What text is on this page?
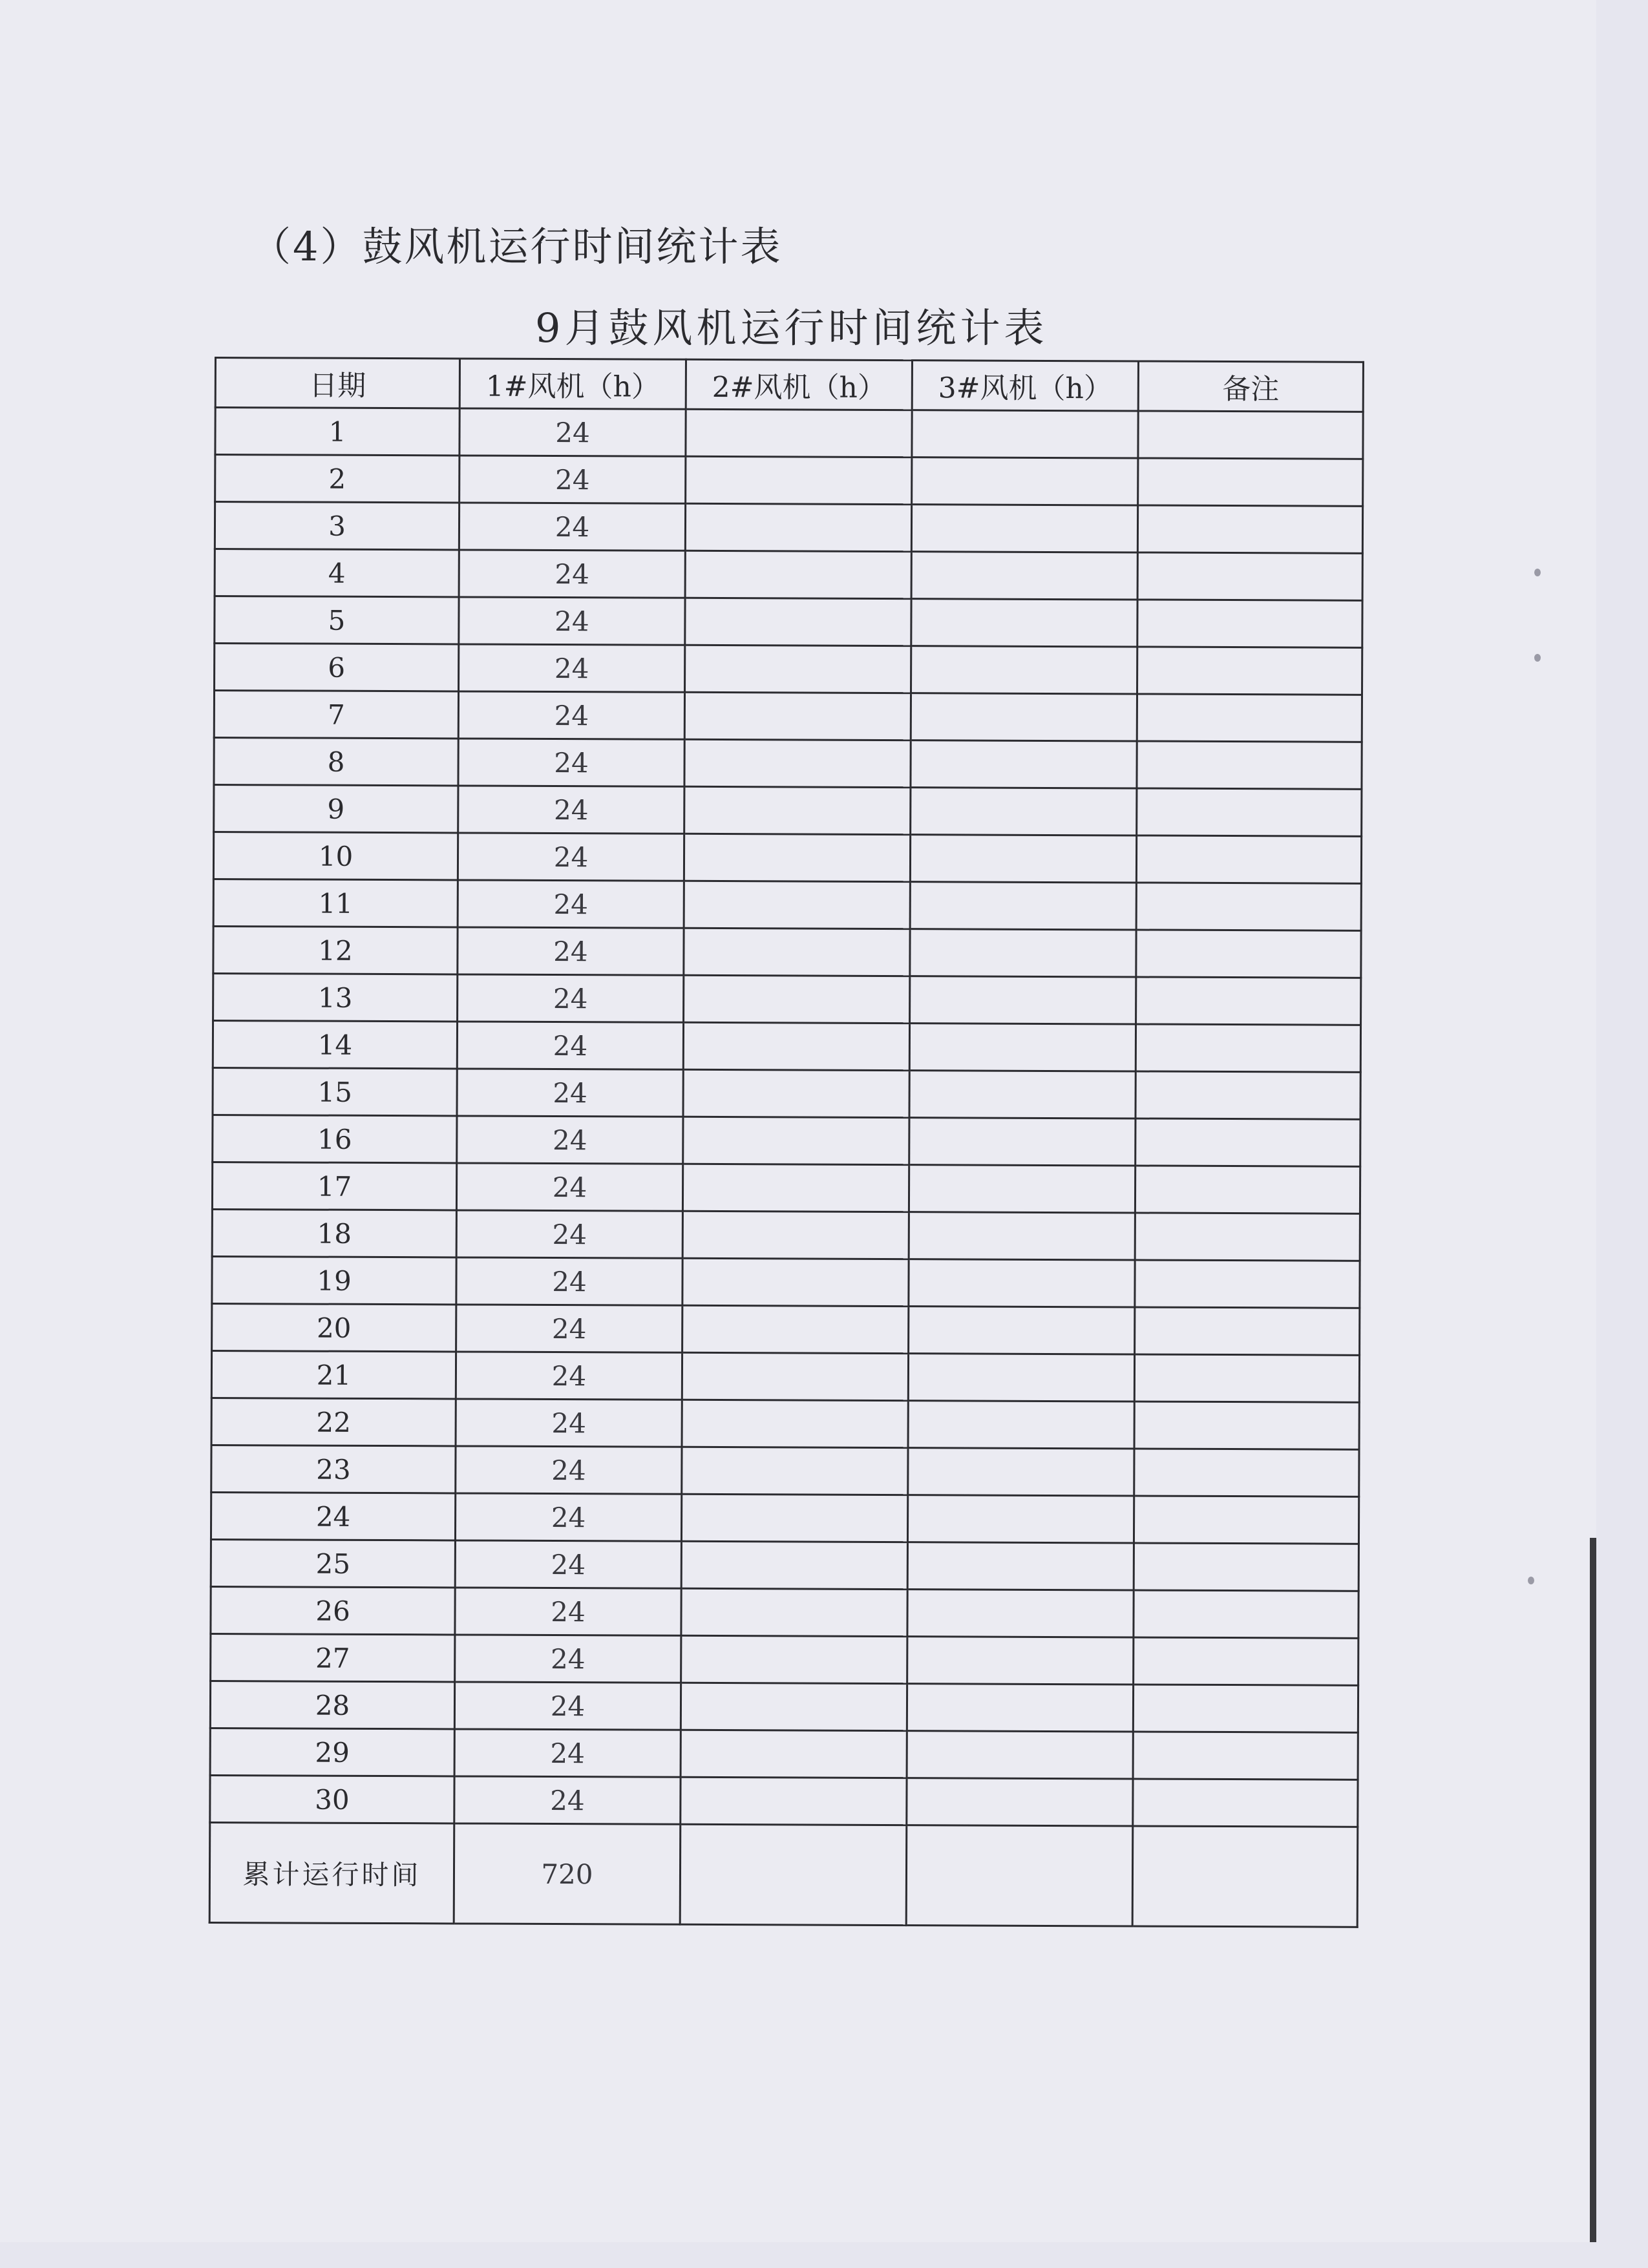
（4）鼓风机运行时间统计表
9月鼓风机运行时间统计表
日期	1#风机（h）	2#风机（h）	3#风机（h）	备注
1	24			
2	24			
3	24			
4	24			
5	24			
6	24			
7	24			
8	24			
9	24			
10	24			
11	24			
12	24			
13	24			
14	24			
15	24			
16	24			
17	24			
18	24			
19	24			
20	24			
21	24			
22	24			
23	24			
24	24			
25	24			
26	24			
27	24			
28	24			
29	24			
30	24			
累计运行时间	720			
